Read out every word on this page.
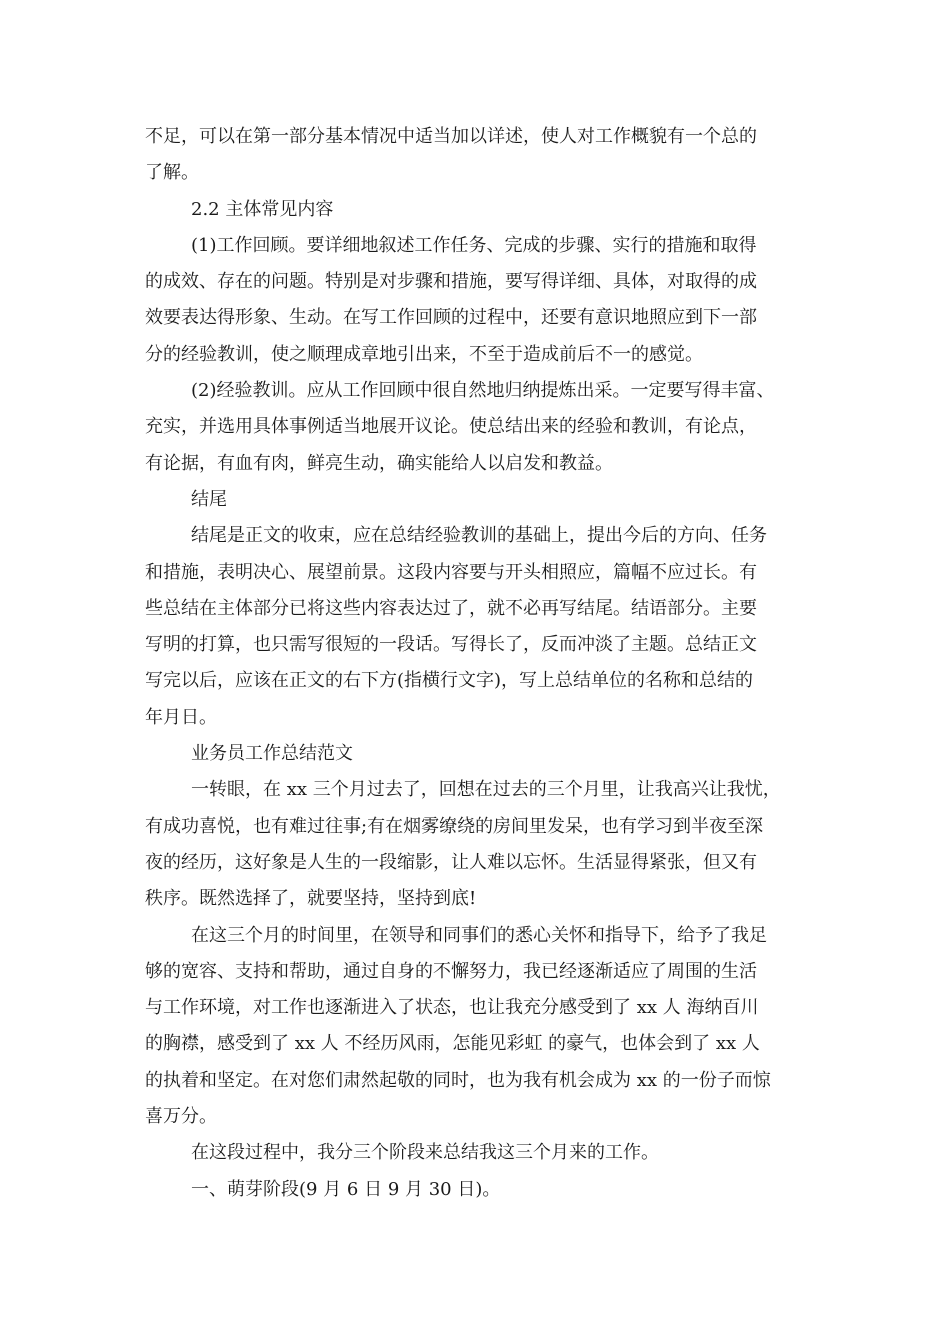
不足，可以在第一部分基本情况中适当加以详述，使人对工作概貌有一个总的
了解。
2.2 主体常见内容
(1)工作回顾。要详细地叙述工作任务、完成的步骤、实行的措施和取得
的成效、存在的问题。特别是对步骤和措施，要写得详细、具体，对取得的成
效要表达得形象、生动。在写工作回顾的过程中，还要有意识地照应到下一部
分的经验教训，使之顺理成章地引出来，不至于造成前后不一的感觉。
(2)经验教训。应从工作回顾中很自然地归纳提炼出采。一定要写得丰富、
充实，并选用具体事例适当地展开议论。使总结出来的经验和教训，有论点，
有论据，有血有肉，鲜亮生动，确实能给人以启发和教益。
结尾
结尾是正文的收束，应在总结经验教训的基础上，提出今后的方向、任务
和措施，表明决心、展望前景。这段内容要与开头相照应，篇幅不应过长。有
些总结在主体部分已将这些内容表达过了，就不必再写结尾。结语部分。主要
写明的打算，也只需写很短的一段话。写得长了，反而冲淡了主题。总结正文
写完以后，应该在正文的右下方(指横行文字)，写上总结单位的名称和总结的
年月日。
业务员工作总结范文
一转眼，在 xx 三个月过去了，回想在过去的三个月里，让我高兴让我忧，
有成功喜悦，也有难过往事;有在烟雾缭绕的房间里发呆，也有学习到半夜至深
夜的经历，这好象是人生的一段缩影，让人难以忘怀。生活显得紧张，但又有
秩序。既然选择了，就要坚持，坚持到底!
在这三个月的时间里，在领导和同事们的悉心关怀和指导下，给予了我足
够的宽容、支持和帮助，通过自身的不懈努力，我已经逐渐适应了周围的生活
与工作环境，对工作也逐渐进入了状态，也让我充分感受到了 xx 人 海纳百川
的胸襟，感受到了 xx 人 不经历风雨，怎能见彩虹 的豪气，也体会到了 xx 人
的执着和坚定。在对您们肃然起敬的同时，也为我有机会成为 xx 的一份子而惊
喜万分。
在这段过程中，我分三个阶段来总结我这三个月来的工作。
一、萌芽阶段(9 月 6 日 9 月 30 日)。
